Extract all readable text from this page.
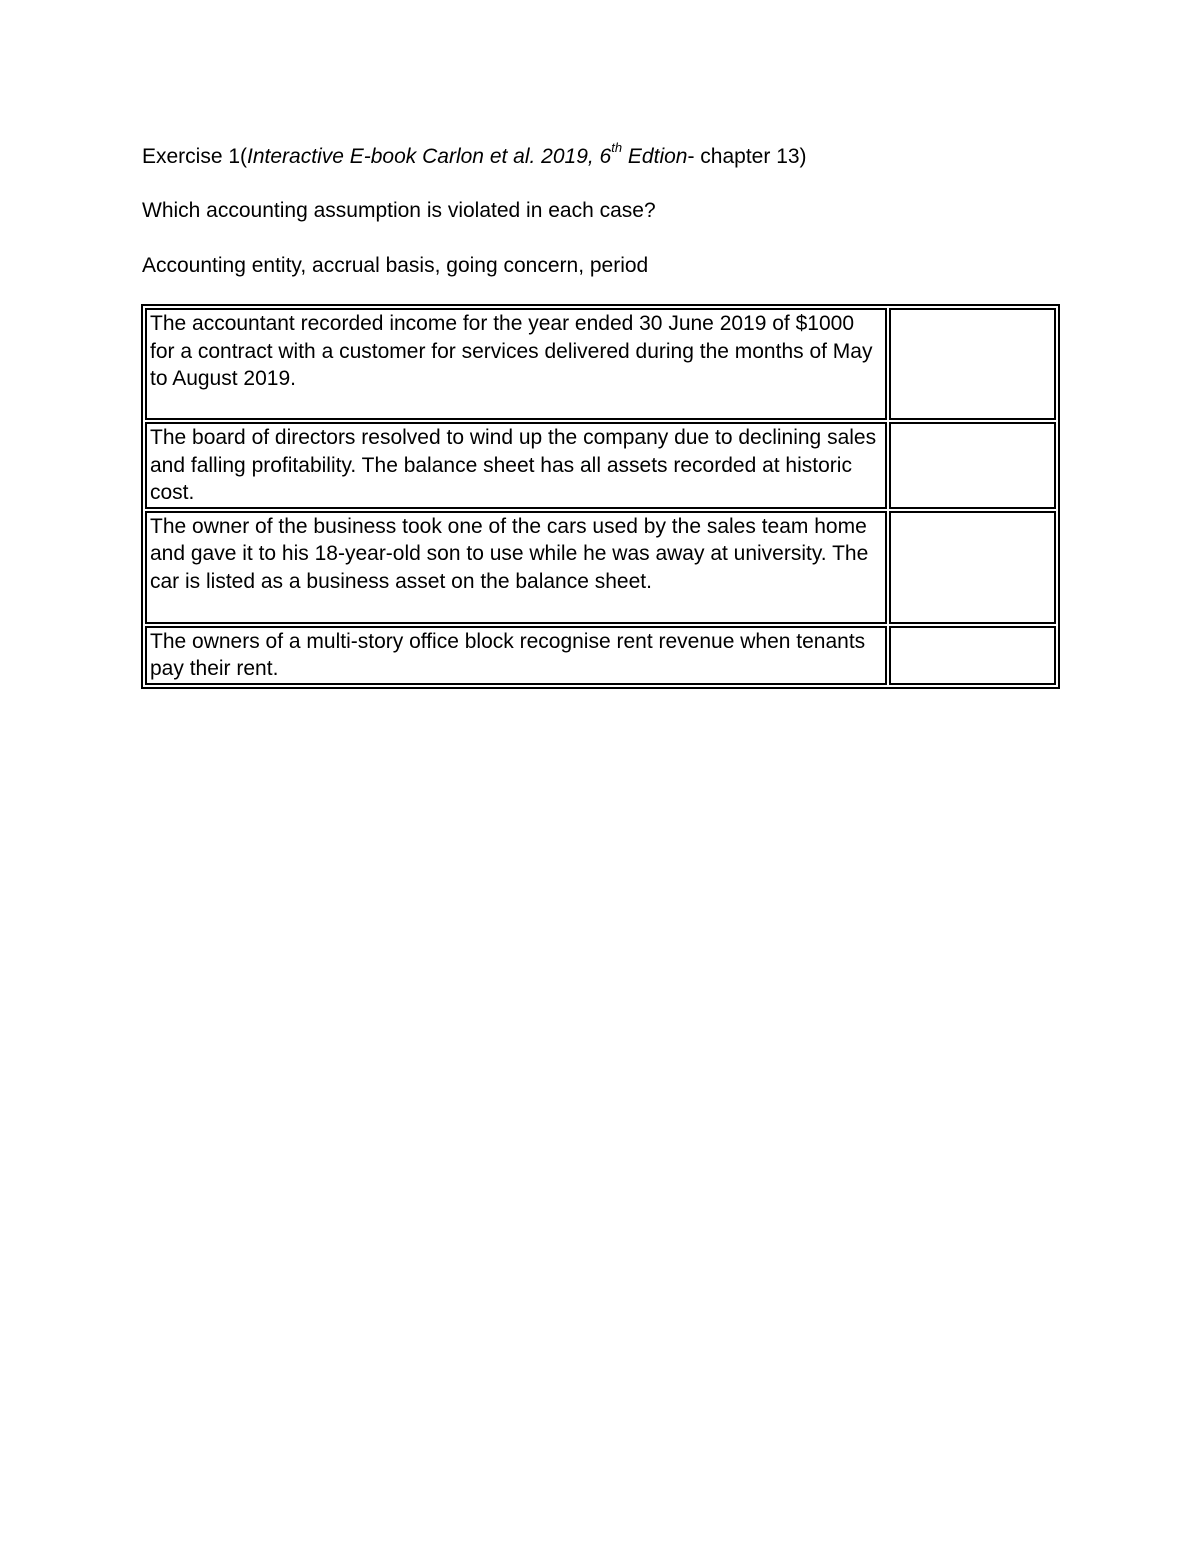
Exercise 1(Interactive E-book Carlon et al. 2019, 6th Edtion- chapter 13)
Which accounting assumption is violated in each case?
Accounting entity, accrual basis, going concern, period
The accountant recorded income for the year ended 30 June 2019 of $1000 for a contract with a customer for services delivered during the months of May to August 2019.	
The board of directors resolved to wind up the company due to declining sales and falling profitability. The balance sheet has all assets recorded at historic cost.	
The owner of the business took one of the cars used by the sales team home and gave it to his 18-year-old son to use while he was away at university. The car is listed as a business asset on the balance sheet.	
The owners of a multi-story office block recognise rent revenue when tenants pay their rent.	
